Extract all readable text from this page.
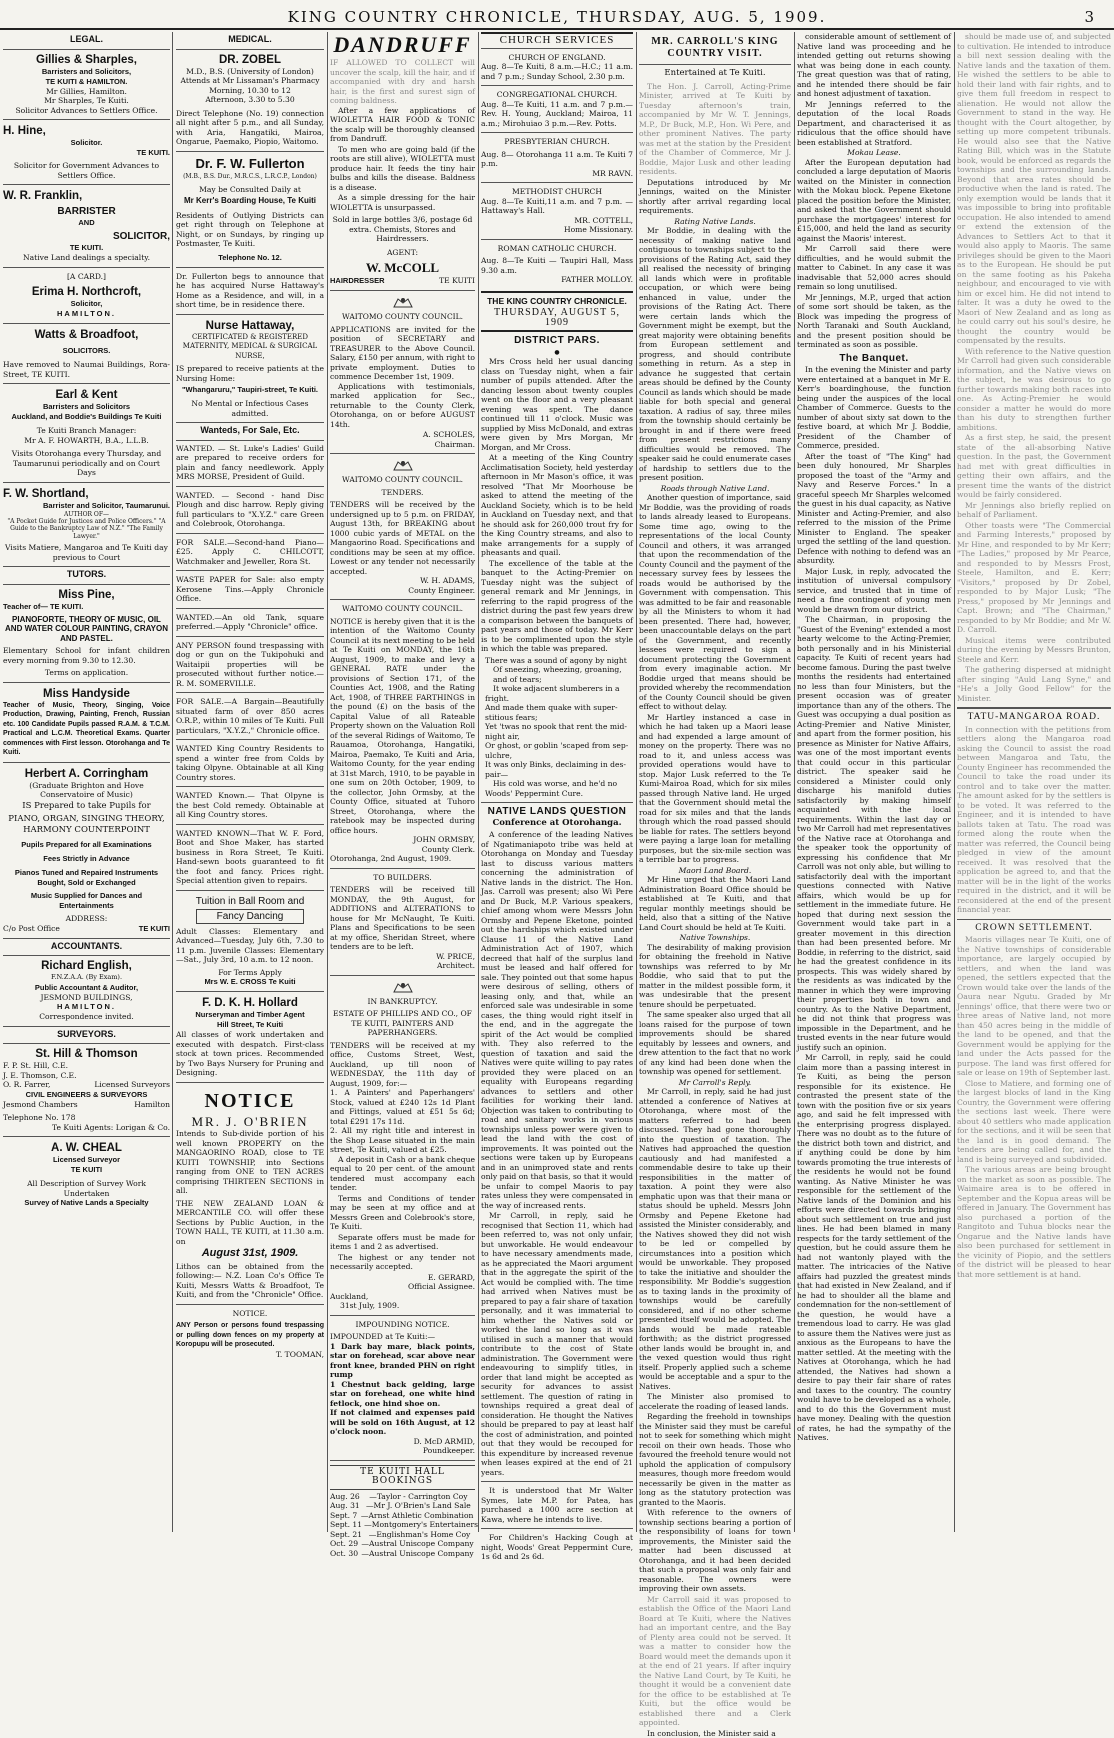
KING COUNTRY CHRONICLE, THURSDAY, AUG. 5, 1909.	3
LEGAL.
Gillies & Sharples,
Barristers and Solicitors,
TE KUITI & HAMILTON.
Mr Gillies, Hamilton.
Mr Sharples, Te Kuiti.
Solicitor Advances to Settlers Office.
H. Hine,
Solicitor.
TE KUITI.
Solicitor for Government Advances to Settlers Office.
W. R. Franklin,
BARRISTER
AND
SOLICITOR,
TE KUITI.
Native Land dealings a specialty.
[A CARD.]
Erima H. Northcroft,
Solicitor,
HAMILTON.
Watts & Broadfoot,
SOLICITORS.
Have removed to Naumai Buildings, Rora-Street, TE KUITI.
Earl & Kent
Barristers and Solicitors
Auckland, and Boddie's Buildings Te Kuiti
Te Kuiti Branch Manager:
Mr A. F. HOWARTH, B.A., L.L.B.
Visits Otorohanga every Thursday, and Taumarunui periodically and on Court Days
F. W. Shortland,
Barrister and Solicitor, Taumarunui.
AUTHOR OF—
"A Pocket Guide for Justices and Police Officers." "A Guide to the Bankruptcy Law of N.Z." "The Family Lawyer."
Visits Matiere, Mangaroa and Te Kuiti day previous to Court
TUTORS.
Miss Pine,
Teacher of— TE KUITI.
PIANOFORTE, THEORY OF MUSIC, OIL AND WATER COLOUR PAINTING, CRAYON AND PASTEL.
Elementary School for infant children every morning from 9.30 to 12.30.
Terms on application.
Miss Handyside
Teacher of Music, Theory, Singing, Voice Production, Drawing, Painting, French, Russian etc. 100 Candidate Pupils passed R.A.M. & T.C.M. Practical and L.C.M. Theoretical Exams. Quarter commences with First lesson. Otorohanga and Te Kuiti.
Herbert A. Corringham
(Graduate Brighton and Hove Conservatoire of Music)
IS Prepared to take Pupils for
PIANO, ORGAN, SINGING THEORY, HARMONY COUNTERPOINT
Pupils Prepared for all Examinations
Fees Strictly in Advance
Pianos Tuned and Repaired Instruments Bought, Sold or Exchanged
Music Supplied for Dances and Entertainments
ADDRESS:
C/o Post Office	TE KUITI
ACCOUNTANTS.
Richard English,
F.N.Z.A.A. (By Exam).
Public Accountant & Auditor,
JESMOND BUILDINGS,
HAMILTON.
Correspondence invited.
SURVEYORS.
St. Hill & Thomson
F. P. St. Hill, C.E.
J. E. Thomson, C.E.
O. R. Farrer,	Licensed Surveyors
CIVIL ENGINEERS & SURVEYORS
Jesmond Chambers	Hamilton
Telephone No. 178
Te Kuiti Agents: Lorigan & Co.
A. W. CHEAL
Licensed Surveyor
TE KUITI
All Description of Survey Work Undertaken
Survey of Native Lands a Specialty
MEDICAL.
DR. ZOBEL
M.D., B.S. (University of London)
Attends at Mr Lissaman's Pharmacy
Morning, 10.30 to 12
Afternoon, 3.30 to 5.30
Direct Telephone (No. 19) connection all night after 5 p.m., and all Sunday, with Aria, Hangatiki, Mairoa, Ongarue, Paemako, Piopio, Waitomo.
Dr. F. W. Fullerton
(M.B., B.S. Dur., M.R.C.S., L.R.C.P., London)
May be Consulted Daily at
Mr Kerr's Boarding House, Te Kuiti
Residents of Outlying Districts can get right through on Telephone at Night, or on Sundays, by ringing up Postmaster, Te Kuiti.
Telephone No. 12.
Dr. Fullerton begs to announce that he has acquired Nurse Hattaway's Home as a Residence, and will, in a short time, be in residence there.
Nurse Hattaway,
CERTIFICATED & REGISTERED MATERNITY, MEDICAL & SURGICAL NURSE,
IS prepared to receive patients at the Nursing Home:
"Whangaruru," Taupiri-street, Te Kuiti.
No Mental or Infectious Cases admitted.
Wanteds, For Sale, Etc.
WANTED. — St. Luke's Ladies' Guild are prepared to receive orders for plain and fancy needlework. Apply MRS MORSE, President of Guild.
WANTED. — Second - hand Disc Plough and disc harrow. Reply giving full particulars to "X.Y.Z." care Green and Colebrook, Otorohanga.
FOR SALE.—Second-hand Piano—£25. Apply C. CHILCOTT, Watchmaker and Jeweller, Rora St.
WASTE PAPER for Sale: also empty Kerosene Tins.—Apply Chronicle Office.
WANTED.—An old Tank, square preferred.—Apply "Chronicle" office.
ANY PERSON found trespassing with dog or gun on the Tukipohuki and Waitaipii properties will be prosecuted without further notice.—R. M. SOMERVILLE.
FOR SALE.—A Bargain—Beautifully situated farm of over 850 acres O.R.P., within 10 miles of Te Kuiti. Full particulars, "X.Y.Z.," Chronicle office.
WANTED King Country Residents to spend a winter free from Colds by taking Olpyne. Obtainable at all King Country stores.
WANTED Known.— That Olpyne is the best Cold remedy. Obtainable at all King Country stores.
WANTED KNOWN—That W. F. Ford, Boot and Shoe Maker, has started business in Rora Street, Te Kuiti. Hand-sewn boots guaranteed to fit the foot and fancy. Prices right. Special attention given to repairs.
Tuition in Ball Room and
Fancy Dancing
Adult Classes: Elementary and Advanced—Tuesday, July 6th, 7.30 to 11 p.m. Juvenile Classes: Elementary —Sat., July 3rd, 10 a.m. to 12 noon.
For Terms Apply
Mrs W. E. CROSS Te Kuiti
F. D. K. H. Hollard
Nurseryman and Timber Agent
Hill Street, Te Kuiti
All classes of work undertaken and executed with despatch. First-class stock at town prices. Recommended by Two Bays Nursery for Pruning and Designing.
NOTICE
MR. J. O'BRIEN
Intends to Sub-divide portion of his well known PROPERTY on the MANGAORINO ROAD, close to TE KUITI TOWNSHIP, into Sections ranging from ONE to TEN ACRES comprising THIRTEEN SECTIONS in all.
THE NEW ZEALAND LOAN & MERCANTILE CO. will offer these Sections by Public Auction, in the TOWN HALL, TE KUITI, at 11.30 a.m. on
August 31st, 1909.
Lithos can be obtained from the following:— N.Z. Loan Co's Office Te Kuiti, Messrs Watts & Broadfoot, Te Kuiti, and from the "Chronicle" Office.
NOTICE.
ANY Person or persons found trespassing or pulling down fences on my property at Koropupu will be prosecuted.
T. TOOMAN,
DANDRUFF
IF ALLOWED TO COLLECT will uncover the scalp, kill the hair, and if accompanied with dry and harsh hair, is the first and surest sign of coming baldness.
After a few applications of WIOLETTA HAIR FOOD & TONIC the scalp will be thoroughly cleansed from Dandruff.
To men who are going bald (if the roots are still alive), WIOLETTA must produce hair. It feeds the tiny hair bulbs and kills the disease. Baldness is a disease.
As a simple dressing for the hair WIOLETTA is unsurpassed.
Sold in large bottles 3/6, postage 6d extra. Chemists, Stores and Hairdressers.
AGENT:
W. McCOLL
HAIRDRESSER	TE KUITI
WAITOMO COUNTY COUNCIL.
APPLICATIONS are invited for the position of SECRETARY and TREASURER to the Above Council. Salary, £150 per annum, with right to private employment. Duties to commence December 1st, 1909.
Applications with testimonials, marked application for Sec., returnable to the County Clerk, Otorohanga, on or before AUGUST 14th.
A. SCHOLES,
Chairman.
WAITOMO COUNTY COUNCIL.
TENDERS.
TENDERS will be received by the undersigned up to 5 p.m. on FRIDAY, August 13th, for BREAKING about 1000 cubic yards of METAL on the Mangaorino Road. Specifications and conditions may be seen at my office. Lowest or any tender not necessarily accepted.
W. H. ADAMS,
County Engineer.
WAITOMO COUNTY COUNCIL.
NOTICE is hereby given that it is the intention of the Waitomo County Council at its next meeting to be held at Te Kuiti on MONDAY, the 16th August, 1909, to make and levy a GENERAL RATE under the provisions of Section 171, of the Counties Act, 1908, and the Rating Act, 1908, of THREE FARTHINGS in the pound (£) on the basis of the Capital Value of all Rateable Property shown on the Valuation Roll of the several Ridings of Waitomo, Te Rauamoa, Otorohanga, Hangatiki, Mairoa, Paemako, Te Kuiti and Aria, Waitomo County, for the year ending at 31st March, 1910, to be payable in one sum on 20th October, 1909, to the collector, John Ormsby, at the County Office, situated at Tuhoro Street, Otorohanga, where the ratebook may be inspected during office hours.
JOHN ORMSBY,
County Clerk.
Otorohanga, 2nd August, 1909.
TO BUILDERS.
TENDERS will be received till MONDAY, the 9th August, for ADDITIONS and ALTERATIONS to house for Mr McNaught, Te Kuiti. Plans and Specifications to be seen at my office, Sheridan Street, where tenders are to be left.
W. PRICE,
Architect.
IN BANKRUPTCY.
ESTATE OF PHILLIPS AND CO., OF TE KUITI, PAINTERS AND PAPERHANGERS.
TENDERS will be received at my office, Customs Street, West, Auckland, up till noon of WEDNESDAY, the 11th day of August, 1909, for:—
1. A Painters' and Paperhangers' Stock, valued at £240 12s 1d Plant and Fittings, valued at £51 5s 6d; total £291 17s 11d.
2. All my right title and interest in the Shop Lease situated in the main street, Te Kuiti, valued at £25.
A deposit in Cash or a bank cheque equal to 20 per cent. of the amount tendered must accompany each tender.
Terms and Conditions of tender may be seen at my office and at Messrs Green and Colebrook's store, Te Kuiti.
Separate offers must be made for items 1 and 2 as advertised.
The highest or any tender not necessarily accepted.
E. GERARD,
Official Assignee.
Auckland,
31st July, 1909.
IMPOUNDING NOTICE.
IMPOUNDED at Te Kuiti:—
1 Dark bay mare, black points, star on forehead, scar above near front knee, branded PHN on right rump
1 Chestnut back gelding, large star on forehead, one white hind fetlock, one hind shoe on.
If not claimed and expenses paid will be sold on 16th August, at 12 o'clock noon.
D. McD ARMID,
Poundkeeper.
TE KUITI HALL BOOKINGS
Aug. 26	—Taylor - Carrington Coy
Aug. 31 —Mr J. O'Brien's Land Sale
Sept. 7 —Arnst Athletic Combination
Sept. 11 —Montgomery's Entertainers
Sept. 21 —Englishman's Home Coy
Oct. 29 —Austral Uniscope Company
Oct. 30 —Austral Uniscope Company
CHURCH SERVICES
CHURCH OF ENGLAND.
Aug. 8—Te Kuiti, 8 a.m.—H.C.; 11 a.m. and 7 p.m.; Sunday School, 2.30 p.m.
CONGREGATIONAL CHURCH.
Aug. 8—Te Kuiti, 11 a.m. and 7 p.m.—Rev. H. Young, Auckland; Mairoa, 11 a.m.; Mirohuiao 3 p.m.—Rev. Potts.
PRESBYTERIAN CHURCH.
Aug. 8— Otorohanga 11 a.m. Te Kuiti 7 p.m.
MR RAVN.
METHODIST CHURCH
Aug. 8—Te Kuiti,11 a.m. and 7 p.m. —Hattaway's Hall.
MR. COTTELL,
Home Missionary.
ROMAN CATHOLIC CHURCH.
Aug. 8—Te Kuiti — Taupiri Hall, Mass 9.30 a.m.
FATHER MOLLOY.
THE KING COUNTRY CHRONICLE.
THURSDAY, AUGUST 5, 1909
DISTRICT PARS.
●
Mrs Cross held her usual dancing class on Tuesday night, when a fair number of pupils attended. After the dancing lesson about twenty couples went on the floor and a very pleasant evening was spent. The dance continued till 11 o'clock. Music was supplied by Miss McDonald, and extras were given by Mrs Morgan, Mr Morgan, and Mr Cross.
At a meeting of the King Country Acclimatisation Society, held yesterday afternoon in Mr Mason's office, it was resolved "That Mr Moorhouse be asked to attend the meeting of the Auckland Society, which is to be held in Auckland on Tuesday next, and that he should ask for 260,000 trout fry for the King Country streams, and also to make arrangements for a supply of pheasants and quail.
The excellence of the table at the banquet to the Acting-Premier on Tuesday night was the subject of general remark and Mr Jennings, in referring to the rapid progress of the district during the past few years drew a comparison between the banquets of past years and those of today. Mr Kerr is to be complimented upon the style in which the table was prepared.
There was a sound of agony by night
Of sneezing, wheezing, groaning,
and of tears;
It woke adjacent slumberers in a
fright.
And made them quake with super-
stitious fears;
Yet 'twas no spook that rent the mid-
night air,
Or ghost, or goblin 'scaped from sep-
ulchre,
It was only Binks, declaiming in des-
pair—
His cold was worse, and he'd no
Woods' Peppermint Cure.
NATIVE LANDS QUESTION
Conference at Otorohanga.
A conference of the leading Natives of Ngatimaniapoto tribe was held at Otorohanga on Monday and Tuesday last to discuss various matters concerning the administration of Native lands in the district. The Hon. Jas. Carroll was present; also Wi Pere and Dr Buck, M.P. Various speakers, chief among whom were Messrs John Ormsby and Pepene Eketone, pointed out the hardships which existed under Clause 11 of the Native Land Administration Act of 1907, which decreed that half of the surplus land must be leased and half offered for sale. They pointed out that some hapus were desirous of selling, others of leasing only, and that, while an enforced sale was undesirable in some cases, the thing would right itself in the end, and in the aggregate the spirit of the Act would be complied with. They also referred to the question of taxation and said the Natives were quite willing to pay rates provided they were placed on an equality with Europeans regarding advances to settlers and other facilities for working their land. Objection was taken to contributing to road and sanitary works in various townships unless power were given to lead the land with the cost of improvements. It was pointed out the sections were taken up by Europeans and in an unimproved state and rents only paid on that basis, so that it would be unfair to compel Maoris to pay rates unless they were compensated in the way of increased rents.
Mr Carroll, in reply, said he recognised that Section 11, which had been referred to, was not only unfair, but unworkable. He would endeavour to have necessary amendments made, as he appreciated the Maori argument that in the aggregate the spirit of the Act would be complied with. The time had arrived when Natives must be prepared to pay a fair share of taxation personally, and it was immaterial to him whether the Natives sold or worked the land so long as it was utilised in such a manner that would contribute to the cost of State administration. The Government were endeavouring to simplify titles, in order that land might be accepted as security for advances to assist settlement. The question of rating in townships required a great deal of consideration. He thought the Natives should be prepared to pay at least half the cost of administration, and pointed out that they would be recouped for this expenditure by increased revenue when leases expired at the end of 21 years.
It is understood that Mr Walter Symes, late M.P. for Patea, has purchased a 1000 acre section at Kawa, where he intends to live.
For Children's Hacking Cough at night, Woods' Great Peppermint Cure, 1s 6d and 2s 6d.
MR. CARROLL'S KING COUNTRY VISIT.
Entertained at Te Kuiti.
The Hon. J. Carroll, Acting-Prime Minister, arrived at Te Kuiti by Tuesday afternoon's train, accompanied by Mr W. T. Jennings, M.P., Dr Buck, M.P., Hon. Wi Pere, and other prominent Natives. The party was met at the station by the President of the Chamber of Commerce, Mr J. Boddie, Major Lusk and other leading residents.
Deputations introduced by Mr Jennings, waited on the Minister shortly after arrival regarding local requirements.
Rating Native Lands.
Mr Boddie, in dealing with the necessity of making native land contiguous to townships subject to the provisions of the Rating Act, said they all realised the necessity of bringing all lands which were in profitable occupation, or which were being enhanced in value, under the provisions of the Rating Act. There were certain lands which the Government might be exempt, but the great majority were obtaining benefits from European settlement and progress, and should contribute something in return. As a step in advance he suggested that certain areas should be defined by the County Council as lands which should be made liable for both special and general taxation. A radius of say, three miles from the township should certainly be brought in and if there were freed from present restrictions many difficulties would be removed. The speaker said he could enumerate cases of hardship to settlers due to the present position.
Roads through Native Land.
Another question of importance, said Mr Boddie, was the providing of roads to lands already leased to Europeans. Some time ago, owing to the representations of the local County Council and others, it was arranged that upon the recommendation of the County Council and the payment of the necessary survey fees by lessees the roads would be authorised by the Government with compensation. This was admitted to be fair and reasonable by all the Ministers to whom it had been presented. There had, however, been unaccountable delays on the part of the Government, and recently lessees were required to sign a document protecting the Government from every imaginable action. Mr Boddie urged that means should be provided whereby the recommendation of the County Council should be given effect to without delay.
Mr Hartley instanced a case in which he had taken up a Maori lease and had expended a large amount of money on the property. There was no road to it, and unless access was provided operations would have to stop. Major Lusk referred to the Te Kumi-Mairoa Road, which for six miles passed through Native land. He urged that the Government should metal the road for six miles and that the lands through which the road passed should be liable for rates. The settlers beyond were paying a large loan for metalling purposes, but the six-mile section was a terrible bar to progress.
Maori Land Board.
Mr Hine urged that the Maori Land Administration Board Office should be established at Te Kuiti, and that regular monthly meetings should be held, also that a sitting of the Native Land Court should be held at Te Kuiti.
Native Townships.
The desirability of making provision for obtaining the freehold in Native townships was referred to by Mr Boddie, who said that to put the matter in the mildest possible form, it was undesirable that the present tenure should be perpetuated.
The same speaker also urged that all loans raised for the purpose of town improvements should be shared equitably by lessees and owners, and drew attention to the fact that no work of any kind had been done when the township was opened for settlement.
Mr Carroll's Reply.
Mr Carroll, in reply, said he had just attended a conference of Natives at Otorohanga, where most of the matters referred to had been discussed. They had gone thoroughly into the question of taxation. The Natives had approached the question cautiously and had manifested a commendable desire to take up their responsibilities in the matter of taxation. A point they were also emphatic upon was that their mana or status should be upheld. Messrs John Ormsby and Pepene Eketone had assisted the Minister considerably, and the Natives showed they did not wish to be led or compelled by circumstances into a position which would be unworkable. They proposed to take the initiative and shoulder the responsibility. Mr Boddie's suggestion as to taxing lands in the proximity of townships would be carefully considered, and if no other scheme presented itself would be adopted. The lands would be made rateable forthwith; as the district progressed other lands would be brought in, and the vexed question would thus right itself. Properly applied such a scheme would be acceptable and a spur to the Natives.
The Minister also promised to accelerate the roading of leased lands.
Regarding the freehold in townships the Minister said they must be careful not to seek for something which might recoil on their own heads. Those who favoured the freehold tenure would not uphold the application of compulsory measures, though more freedom would necessarily be given in the matter as long as the statutory protection was granted to the Maoris.
With reference to the owners of township sections bearing a portion of the responsibility of loans for town improvements, the Minister said the matter had been discussed at Otorohanga, and it had been decided that such a proposal was only fair and reasonable. The owners were improving their own assets.
Mr Carroll said it was proposed to establish the Office of the Maori Land Board at Te Kuiti, where the Natives had an important centre, and the Bay of Plenty area could not be served. It was a matter to consider how the Board would meet the demands upon it at the end of 21 years. If after inquiry the Native Land Court, by Te Kuiti, he thought it would be a convenient date for the office to be established at Te Kuiti, but the office would be established there and a Clerk appointed.
In conclusion, the Minister said a
considerable amount of settlement of Native land was proceeding and he intended getting out returns showing what was being done in each county. The great question was that of rating, and he intended there should be fair and honest adjustment of taxation.
Mr Jennings referred to the deputation of the local Roads Department, and characterised it as ridiculous that the office should have been established at Stratford.
Mokau Lease.
After the European deputation had concluded a large deputation of Maoris waited on the Minister in connection with the Mokau block. Pepene Eketone placed the position before the Minister, and asked that the Government should purchase the mortgagees' interest for £15,000, and held the land as security against the Maoris' interest.
Mr Carroll said there were difficulties, and he would submit the matter to Cabinet. In any case it was inadvisable that 52,000 acres should remain so long unutilised.
Mr Jennings, M.P., urged that action of some sort should be taken, as the Block was impeding the progress of North Taranaki and South Auckland, and the present position should be terminated as soon as possible.
The Banquet.
In the evening the Minister and party were entertained at a banquet in Mr E. Kerr's boardinghouse, the function being under the auspices of the local Chamber of Commerce. Guests to the number of about sixty sat down to the festive board, at which Mr J. Boddie, President of the Chamber of Commerce, presided.
After the toast of "The King" had been duly honoured, Mr Sharples proposed the toast of the "Army and Navy and Reserve Forces." In a graceful speech Mr Sharples welcomed the guest in his dual capacity, as Native Minister and Acting-Premier, and also referred to the mission of the Prime Minister to England. The speaker urged the settling of the land question. Defence with nothing to defend was an absurdity.
Major Lusk, in reply, advocated the institution of universal compulsory service, and trusted that in time of need a fine contingent of young men would be drawn from our district.
The Chairman, in proposing the "Guest of the Evening" extended a most hearty welcome to the Acting-Premier, both personally and in his Ministerial capacity. Te Kuiti of recent years had become famous. During the past twelve months the residents had entertained no less than four Ministers, but the present occasion was of greater importance than any of the others. The Guest was occupying a dual position as Acting-Premier and Native Minister, and apart from the former position, his presence as Minister for Native Affairs, was one of the most important events that could occur in this particular district. The speaker said he considered a Minister could only discharge his manifold duties satisfactorily by making himself acquainted with the local requirements. Within the last day or two Mr Carroll had met representatives of the Native race at Otorohanga and the speaker took the opportunity of expressing his confidence that Mr Carroll was not only able, but willing to satisfactorily deal with the important questions connected with Native affairs, which would be up for settlement in the immediate future. He hoped that during next session the Government would take part in a greater movement in this direction than had been presented before. Mr Boddie, in referring to the district, said he had the greatest confidence in its prospects. This was widely shared by the residents as was indicated by the manner in which they were improving their properties both in town and country. As to the Native Department, he did not think that progress was impossible in the Department, and he trusted events in the near future would justify such an opinion.
Mr Carroll, in reply, said he could claim more than a passing interest in Te Kuiti, as being the person responsible for its existence. He contrasted the present state of the town with the position five or six years ago, and said he felt impressed with the enterprising progress displayed. There was no doubt as to the future of the district both town and district, and if anything could be done by him towards promoting the true interests of the residents he would not be found wanting. As Native Minister he was responsible for the settlement of the Native lands of the Dominion and his efforts were directed towards bringing about such settlement on true and just lines. He had been blamed in many respects for the tardy settlement of the question, but he could assure them he had not wantonly played with the matter. The intricacies of the Native affairs had puzzled the greatest minds that had existed in New Zealand, and if he had to shoulder all the blame and condemnation for the non-settlement of the question, he would have a tremendous load to carry. He was glad to assure them the Natives were just as anxious as the Europeans to have the matter settled. At the meeting with the Natives at Otorohanga, which he had attended, the Natives had shown a desire to pay their fair share of rates and taxes to the country. The country would have to be developed as a whole, and to do this the Government must have money. Dealing with the question of rates, he had the sympathy of the Natives.
should be made use of, and subjected to cultivation. He intended to introduce a bill next session dealing with the Native lands and the taxation of them. He wished the settlers to be able to hold their land with fair rights, and to give them full freedom in respect to alienation. He would not allow the Government to stand in the way. He thought with the Court altogether, by setting up more competent tribunals. He would also see that the Native Rating Bill, which was in the Statute book, would be enforced as regards the townships and the surrounding lands. Beyond that area rates should be productive when the land is rated. The only exemption would be lands that it was impossible to bring into profitable occupation. He also intended to amend or extend the extension of the Advances to Settlers Act to that it would also apply to Maoris. The same privileges should be given to the Maori as to the European. He should be put on the same footing as his Pakeha neighbour, and encouraged to vie with him or excel him. He did not intend to falter. It was a duty he owed to the Maori of New Zealand and as long as he could carry out his soul's desire, he thought the country would be compensated by the results.
With reference to the Native question Mr Carroll had given such considerable information, and the Native views on the subject, he was desirous to go further towards making both races into one. As Acting-Premier he would consider a matter he would do more than his duty to strengthen further ambitions.
As a first step, he said, the present state of the all-absorbing Native question. In the past, the Government had met with great difficulties in getting their own affairs, and the present time the wants of the district would be fairly considered.
Mr Jennings also briefly replied on behalf of Parliament.
Other toasts were "The Commercial and Farming Interests," proposed by Mr Hine, and responded to by Mr Kerr; "The Ladies," proposed by Mr Pearce, and responded to by Messrs Frost, Steele, Hamilton, and E. Kerr; "Visitors," proposed by Dr Zobel, responded to by Major Lusk; "The Press," proposed by Mr Jennings and Capt. Brown; and "The Chairman," responded to by Mr Boddie; and Mr W. D. Carroll.
Musical items were contributed during the evening by Messrs Brunton, Steele and Kerr.
The gathering dispersed at midnight after singing "Auld Lang Syne," and "He's a Jolly Good Fellow" for the Minister.
TATU-MANGAROA ROAD.
In connection with the petitions from settlers along the Mangaroa road asking the Council to assist the road between Mangaroa and Tatu, the County Engineer has recommended the Council to take the road under its control and to take over the matter. The amount asked for by the settlers is to be voted. It was referred to the Engineer, and it is intended to have ballots taken at Tatu. The road was formed along the route when the matter was referred, the Council being pledged in view of the amount received. It was resolved that the application be agreed to, and that the matter will be in the light of the works required in the district, and it will be reconsidered at the end of the present financial year.
CROWN SETTLEMENT.
Maoris villages near Te Kuiti, one of the Native townships of considerable importance, are largely occupied by settlers, and when the land was opened, the settlers expected that the Crown would take over the lands of the Oaura near Ngutu. Graded by Mr Jennings' office, that there were two or three areas of Native land, not more than 450 acres being in the middle of the land to be opened, and that the Government would be applying for the land under the Acts passed for the purpose. The land was first offered for sale or lease on 19th of September last.
Close to Matiere, and forming one of the largest blocks of land in the King Country, the Government were offering the sections last week. There were about 40 settlers who made application for the sections, and it will be seen that the land is in good demand. The tenders are being called for, and the land is being surveyed and subdivided.
The various areas are being brought on the market as soon as possible. The Waimaire area is to be offered in September and the Kopua areas will be offered in January. The Government has also purchased a portion of the Rangitoto and Tuhua blocks near the Ongarue and the Native lands have also been purchased for settlement in the vicinity of Piopio, and the settlers of the district will be pleased to hear that more settlement is at hand.
